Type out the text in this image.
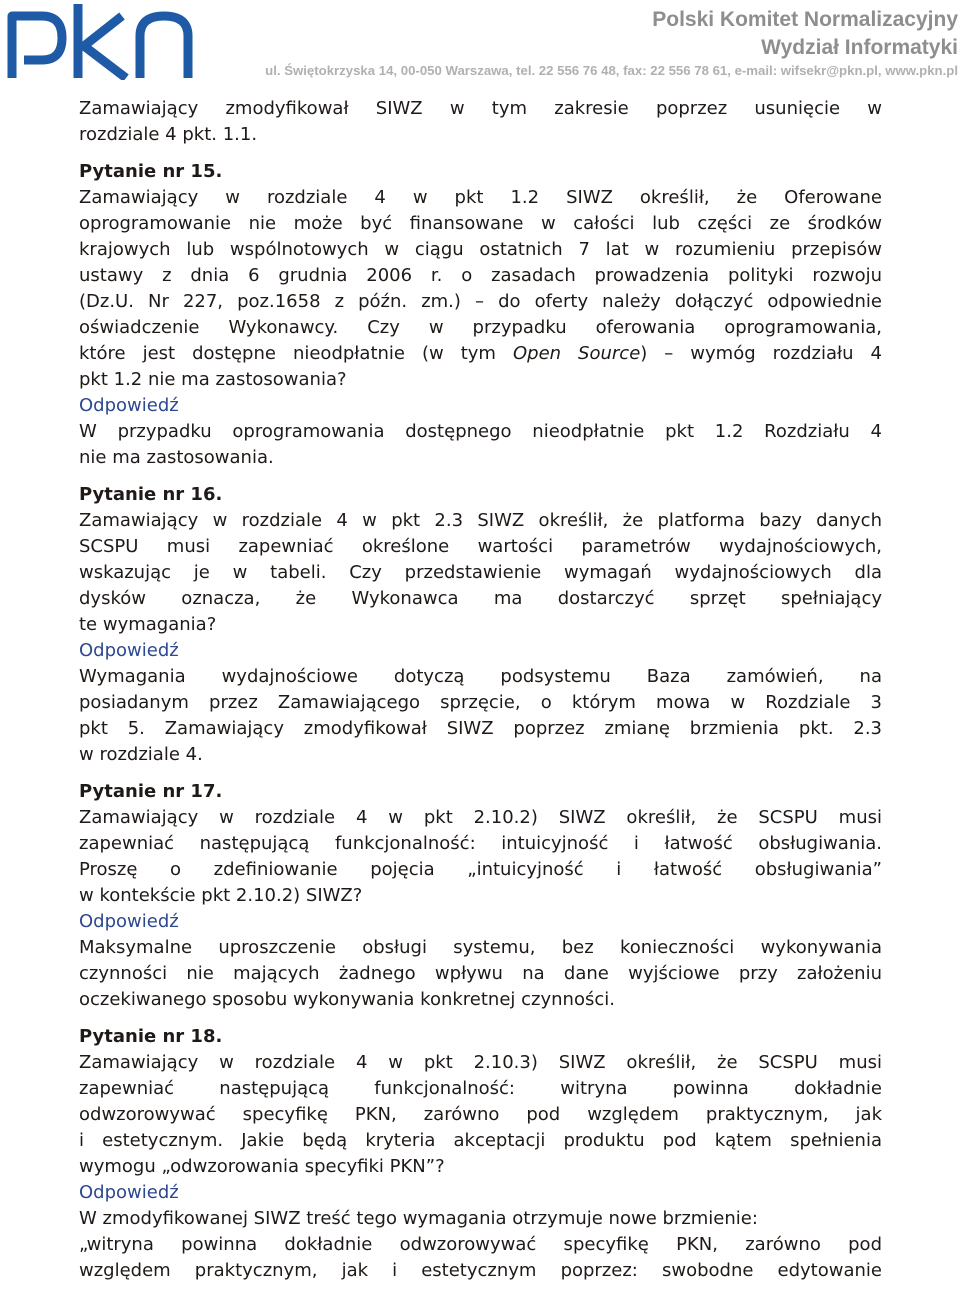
Polski Komitet Normalizacyjny
Wydział Informatyki
ul. Świętokrzyska 14, 00-050 Warszawa, tel. 22 556 76 48, fax: 22 556 78 61, e-mail: wifsekr@pkn.pl, www.pkn.pl
Zamawiający zmodyfikował SIWZ w tym zakresie poprzez usunięcie w
rozdziale 4 pkt. 1.1.
Pytanie nr 15.
Zamawiający w rozdziale 4 w pkt 1.2 SIWZ określił, że Oferowane
oprogramowanie nie może być finansowane w całości lub części ze środków
krajowych lub wspólnotowych w ciągu ostatnich 7 lat w rozumieniu przepisów
ustawy z dnia 6 grudnia 2006 r. o zasadach prowadzenia polityki rozwoju
(Dz.U. Nr 227, poz.1658 z późn. zm.) – do oferty należy dołączyć odpowiednie
oświadczenie Wykonawcy. Czy w przypadku oferowania oprogramowania,
które jest dostępne nieodpłatnie (w tym Open Source) – wymóg rozdziału 4
pkt 1.2 nie ma zastosowania?
Odpowiedź
W przypadku oprogramowania dostępnego nieodpłatnie pkt 1.2 Rozdziału 4
nie ma zastosowania.
Pytanie nr 16.
Zamawiający w rozdziale 4 w pkt 2.3 SIWZ określił, że platforma bazy danych
SCSPU musi zapewniać określone wartości parametrów wydajnościowych,
wskazując je w tabeli. Czy przedstawienie wymagań wydajnościowych dla
dysków oznacza, że Wykonawca ma dostarczyć sprzęt spełniający
te wymagania?
Odpowiedź
Wymagania wydajnościowe dotyczą podsystemu Baza zamówień, na
posiadanym przez Zamawiającego sprzęcie, o którym mowa w Rozdziale 3
pkt 5. Zamawiający zmodyfikował SIWZ poprzez zmianę brzmienia pkt. 2.3
w rozdziale 4.
Pytanie nr 17.
Zamawiający w rozdziale 4 w pkt 2.10.2) SIWZ określił, że SCSPU musi
zapewniać następującą funkcjonalność: intuicyjność i łatwość obsługiwania.
Proszę o zdefiniowanie pojęcia „intuicyjność i łatwość obsługiwania”
w kontekście pkt 2.10.2) SIWZ?
Odpowiedź
Maksymalne uproszczenie obsługi systemu, bez konieczności wykonywania
czynności nie mających żadnego wpływu na dane wyjściowe przy założeniu
oczekiwanego sposobu wykonywania konkretnej czynności.
Pytanie nr 18.
Zamawiający w rozdziale 4 w pkt 2.10.3) SIWZ określił, że SCSPU musi
zapewniać następującą funkcjonalność: witryna powinna dokładnie
odwzorowywać specyfikę PKN, zarówno pod względem praktycznym, jak
i estetycznym. Jakie będą kryteria akceptacji produktu pod kątem spełnienia
wymogu „odwzorowania specyfiki PKN”?
Odpowiedź
W zmodyfikowanej SIWZ treść tego wymagania otrzymuje nowe brzmienie:
„witryna powinna dokładnie odwzorowywać specyfikę PKN, zarówno pod
względem praktycznym, jak i estetycznym poprzez: swobodne edytowanie
